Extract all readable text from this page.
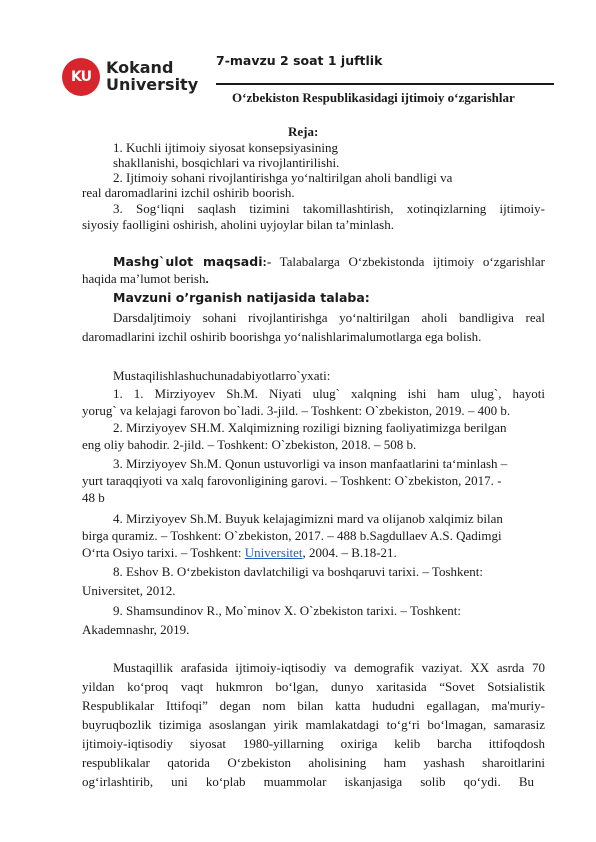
KU Kokand
University
7-mavzu 2 soat 1 juftlik
O‘zbekiston Respublikasidagi ijtimoiy o‘zgarishlar
Reja:
1. Kuchli ijtimoiy siyosat konsepsiyasining
shakllanishi, bosqichlari va rivojlantirilishi.
2. Ijtimoiy sohani rivojlantirishga yo‘naltirilgan aholi bandligi va
real daromadlarini izchil oshirib boorish.
3. Sog‘liqni saqlash tizimini takomillashtirish, xotinqizlarning ijtimoiy-
siyosiy faolligini oshirish, aholini uyjoylar bilan ta’minlash.
Mashg`ulot maqsadi:- Talabalarga O‘zbekistonda ijtimoiy o‘zgarishlar
haqida ma’lumot berish.
Mavzuni o’rganish natijasida talaba:
Darsdaljtimoiy sohani rivojlantirishga yo‘naltirilgan aholi bandligiva real
daromadlarini izchil oshirib boorishga yo‘nalishlarimalumotlarga ega bolish.
Mustaqilishlashuchunadabiyotlarro`yxati:
1. 1. Mirziyoyev Sh.M. Niyati ulug` xalqning ishi ham ulug`, hayoti
yorug` va kelajagi farovon bo`ladi. 3-jild. – Toshkent: O`zbekiston, 2019. – 400 b.
2. Mirziyoyev SH.M. Xalqimizning roziligi bizning faoliyatimizga berilgan
eng oliy bahodir. 2-jild. – Toshkent: O`zbekiston, 2018. – 508 b.
3. Mirziyoyev Sh.M. Qonun ustuvorligi va inson manfaatlarini ta‘minlash –
yurt taraqqiyoti va xalq farovonligining garovi. – Toshkent: O`zbekiston, 2017. -
48 b
4. Mirziyoyev Sh.M. Buyuk kelajagimizni mard va olijanob xalqimiz bilan
birga quramiz. – Toshkent: O`zbekiston, 2017. – 488 b.Sagdullaev A.S. Qadimgi
O‘rta Osiyo tarixi. – Toshkent: Universitet, 2004. – B.18-21.
8. Eshov B. O‘zbekiston davlatchiligi va boshqaruvi tarixi. – Toshkent:
Universitet, 2012.
9. Shamsundinov R., Mo`minov X. O`zbekiston tarixi. – Toshkent:
Akademnashr, 2019.
Mustaqillik arafasida ijtimoiy-iqtisodiy va demografik vaziyat. XX asrda 70
yildan ko‘proq vaqt hukmron bo‘lgan, dunyo xaritasida “Sovet Sotsialistik
Respublikalar Ittifoqi” degan nom bilan katta hududni egallagan, ma'muriy-
buyruqbozlik tizimiga asoslangan yirik mamlakatdagi to‘g‘ri bo‘lmagan, samarasiz
ijtimoiy-iqtisodiy siyosat 1980-yillarning oxiriga kelib barcha ittifoqdosh
respublikalar qatorida O‘zbekiston aholisining ham yashash sharoitlarini
og‘irlashtirib, uni ko‘plab muammolar iskanjasiga solib qo‘ydi. Bu
